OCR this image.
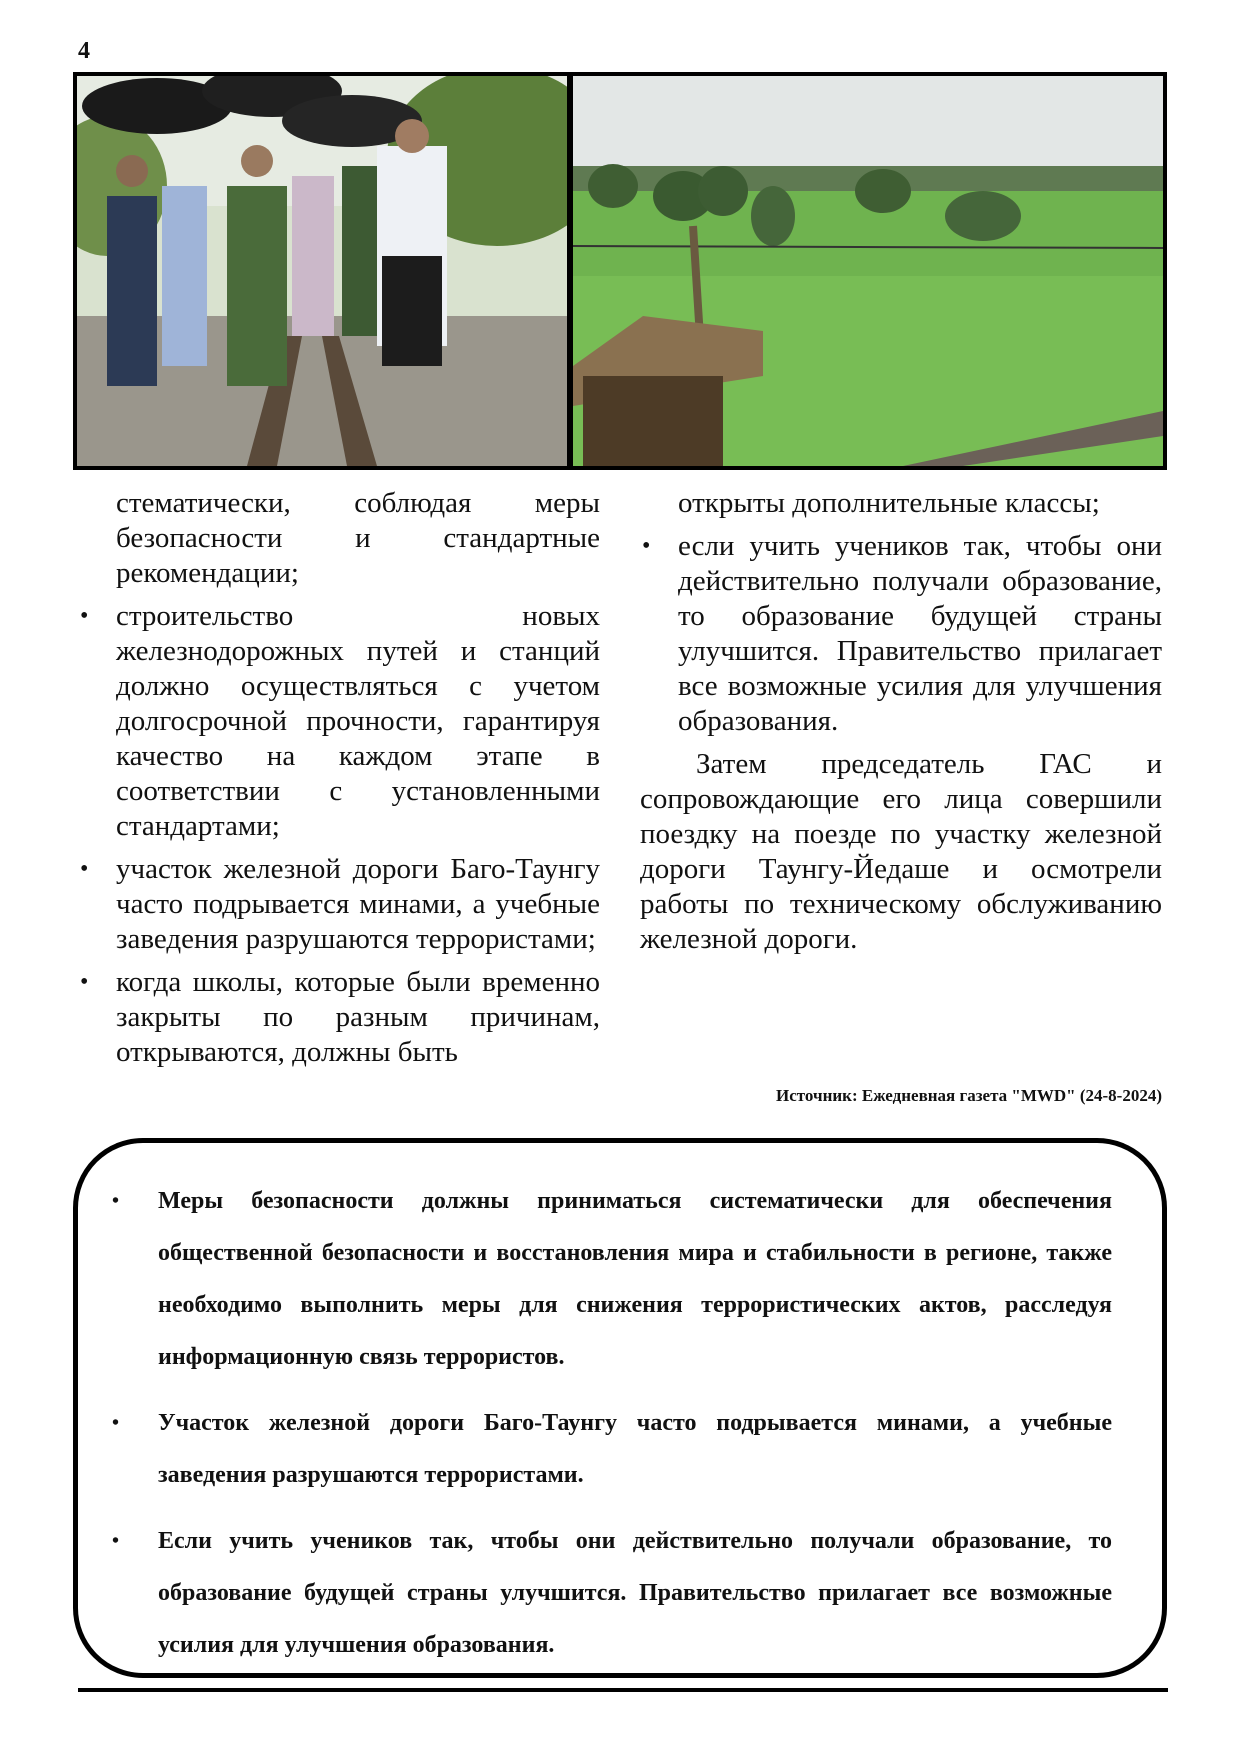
4

стематически, соблюдая меры безопасности и стандартные рекомендации;

• строительство новых железнодорожных путей и станций должно осуществляться с учетом долгосрочной прочности, гарантируя качество на каждом этапе в соответствии с установленными стандартами;
• участок железной дороги Баго-Таунгу часто подрывается минами, а учебные заведения разрушаются террористами;
• когда школы, которые были временно закрыты по разным причинам, открываются, должны быть

открыты дополнительные классы;

• если учить учеников так, чтобы они действительно получали образование, то образование будущей страны улучшится. Правительство прилагает все возможные усилия для улучшения образования.

Затем председатель ГАС и сопровождающие его лица совершили поездку на поезде по участку железной дороги Таунгу-Йедаше и осмотрели работы по техническому обслуживанию железной дороги.

Источник: Ежедневная газета "MWD" (24-8-2024)
• Меры безопасности должны приниматься систематически для обеспечения общественной безопасности и восстановления мира и стабильности в регионе, также необходимо выполнить меры для снижения террористических актов, расследуя информационную связь террористов.
• Участок железной дороги Баго-Таунгу часто подрывается минами, а учебные заведения разрушаются террористами.
• Если учить учеников так, чтобы они действительно получали образование, то образование будущей страны улучшится. Правительство прилагает все возможные усилия для улучшения образования.
